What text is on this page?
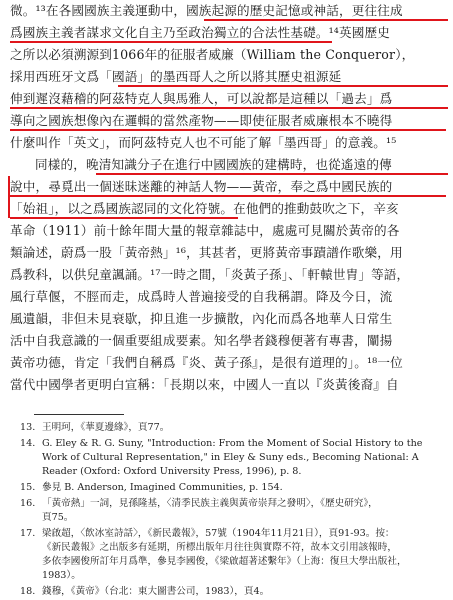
微。¹³在各國國族主義運動中，國族起源的歷史記憶或神話，更往往成
爲國族主義者謀求文化自主乃至政治獨立的合法性基礎。¹⁴英國歷史
之所以必須溯源到1066年的征服者威廉（William the Conqueror），
採用西班牙文爲「國語」的墨西哥人之所以將其歷史祖源延
伸到遲沒藉稽的阿茲特克人與馬雅人，可以說都是這種以「過去」爲
導向之國族想像內在邏輯的當然產物——即使征服者威廉根本不曉得
什麼叫作「英文」，而阿茲特克人也不可能了解「墨西哥」的意義。¹⁵
同樣的，晚清知識分子在進行中國國族的建構時，也從遙遠的傳
說中，尋覓出一個迷昧迷離的神話人物——黃帝，奉之爲中國民族的
「始祖」，以之爲國族認同的文化符號。在他們的推動鼓吹之下，辛亥
革命（1911）前十餘年間大量的報章雜誌中，處處可見關於黃帝的各
類論述，蔚爲一股「黃帝熱」¹⁶，其甚者，更將黃帝事蹟譜作歌樂，用
爲教科，以供兒童諷誦。¹⁷一時之間，「炎黃子孫」、「軒轅世胄」等語，
風行草偃，不脛而走，成爲時人普遍接受的自我稱謂。降及今日，流
風遺韻，非但未見衰歇，抑且進一步擴散，內化而爲各地華人日常生
活中自我意識的一個重要組成要素。知名學者錢穆便著有專書，闡揚
黃帝功德，肯定「我們自稱爲『炎、黃子孫』，是很有道理的」。¹⁸一位
當代中國學者更明白宣稱：「長期以來，中國人一直以『炎黃後裔』自
13. 王明珂，《華夏邊緣》，頁77。
14. G. Eley & R. G. Suny, "Introduction: From the Moment of Social History to the
Work of Cultural Representation," in Eley & Suny eds., Becoming National: A
Reader (Oxford: Oxford University Press, 1996), p. 8.
15. 參見 B. Anderson, Imagined Communities, p. 154.
16. 「黃帝熱」一詞，見孫隆基，〈清季民族主義與黃帝崇拜之發明〉，《歷史研究》，
頁75。
17. 梁啟超，〈飲冰室詩話〉，《新民叢報》，57號（1904年11月21日），頁91-93。按：
《新民叢報》之出版多有延期，所標出版年月往往與實際不符，故本文引用該報時，
多依李國俊所訂年月爲準，參見李國俊，《梁啟超著述繫年》（上海：復旦大學出版社，
1983）。
18. 錢穆，《黃帝》（台北：東大圖書公司，1983），頁4。
